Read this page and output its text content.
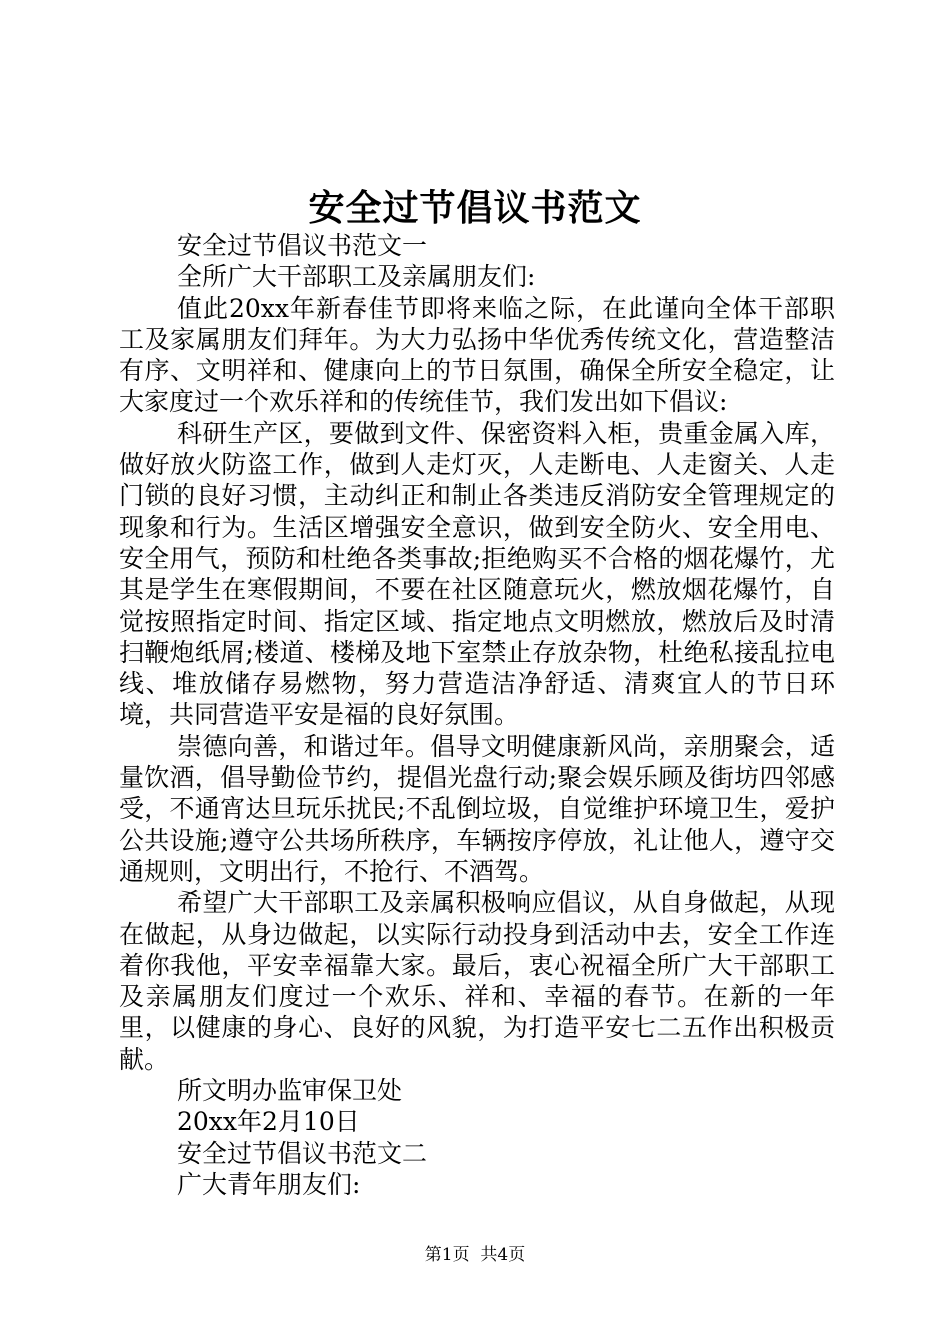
安全过节倡议书范文

安全过节倡议书范文一

全所广大干部职工及亲属朋友们:

值此20xx年新春佳节即将来临之际，在此谨向全体干部职工及家属朋友们拜年。为大力弘扬中华优秀传统文化，营造整洁有序、文明祥和、健康向上的节日氛围，确保全所安全稳定，让大家度过一个欢乐祥和的传统佳节，我们发出如下倡议:

科研生产区，要做到文件、保密资料入柜，贵重金属入库，做好放火防盗工作，做到人走灯灭，人走断电、人走窗关、人走门锁的良好习惯，主动纠正和制止各类违反消防安全管理规定的现象和行为。生活区增强安全意识，做到安全防火、安全用电、安全用气，预防和杜绝各类事故;拒绝购买不合格的烟花爆竹，尤其是学生在寒假期间，不要在社区随意玩火，燃放烟花爆竹，自觉按照指定时间、指定区域、指定地点文明燃放，燃放后及时清扫鞭炮纸屑;楼道、楼梯及地下室禁止存放杂物，杜绝私接乱拉电线、堆放储存易燃物，努力营造洁净舒适、清爽宜人的节日环境，共同营造平安是福的良好氛围。

崇德向善，和谐过年。倡导文明健康新风尚，亲朋聚会，适量饮酒，倡导勤俭节约，提倡光盘行动;聚会娱乐顾及街坊四邻感受，不通宵达旦玩乐扰民;不乱倒垃圾，自觉维护环境卫生，爱护公共设施;遵守公共场所秩序，车辆按序停放，礼让他人，遵守交通规则，文明出行，不抢行、不酒驾。

希望广大干部职工及亲属积极响应倡议，从自身做起，从现在做起，从身边做起，以实际行动投身到活动中去，安全工作连着你我他，平安幸福靠大家。最后，衷心祝福全所广大干部职工及亲属朋友们度过一个欢乐、祥和、幸福的春节。在新的一年里，以健康的身心、良好的风貌，为打造平安七二五作出积极贡献。

所文明办监审保卫处

20xx年2月10日

安全过节倡议书范文二

广大青年朋友们:

第1页  共4页
